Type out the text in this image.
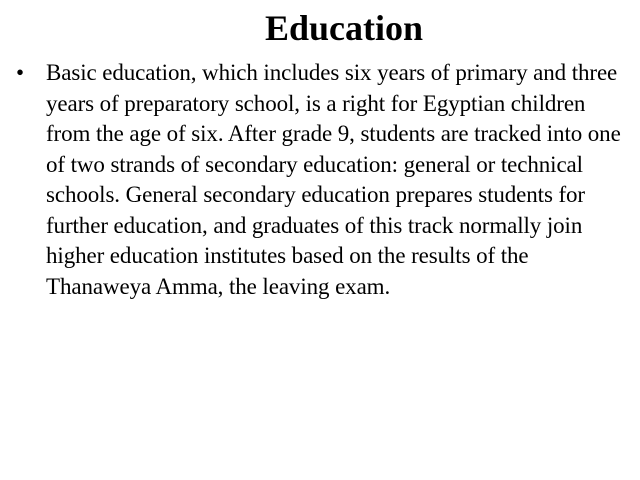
Education
• Basic education, which includes six years of primary and three years of preparatory school, is a right for Egyptian children from the age of six. After grade 9, students are tracked into one of two strands of secondary education: general or technical schools. General secondary education prepares students for further education, and graduates of this track normally join higher education institutes based on the results of the Thanaweya Amma, the leaving exam.
